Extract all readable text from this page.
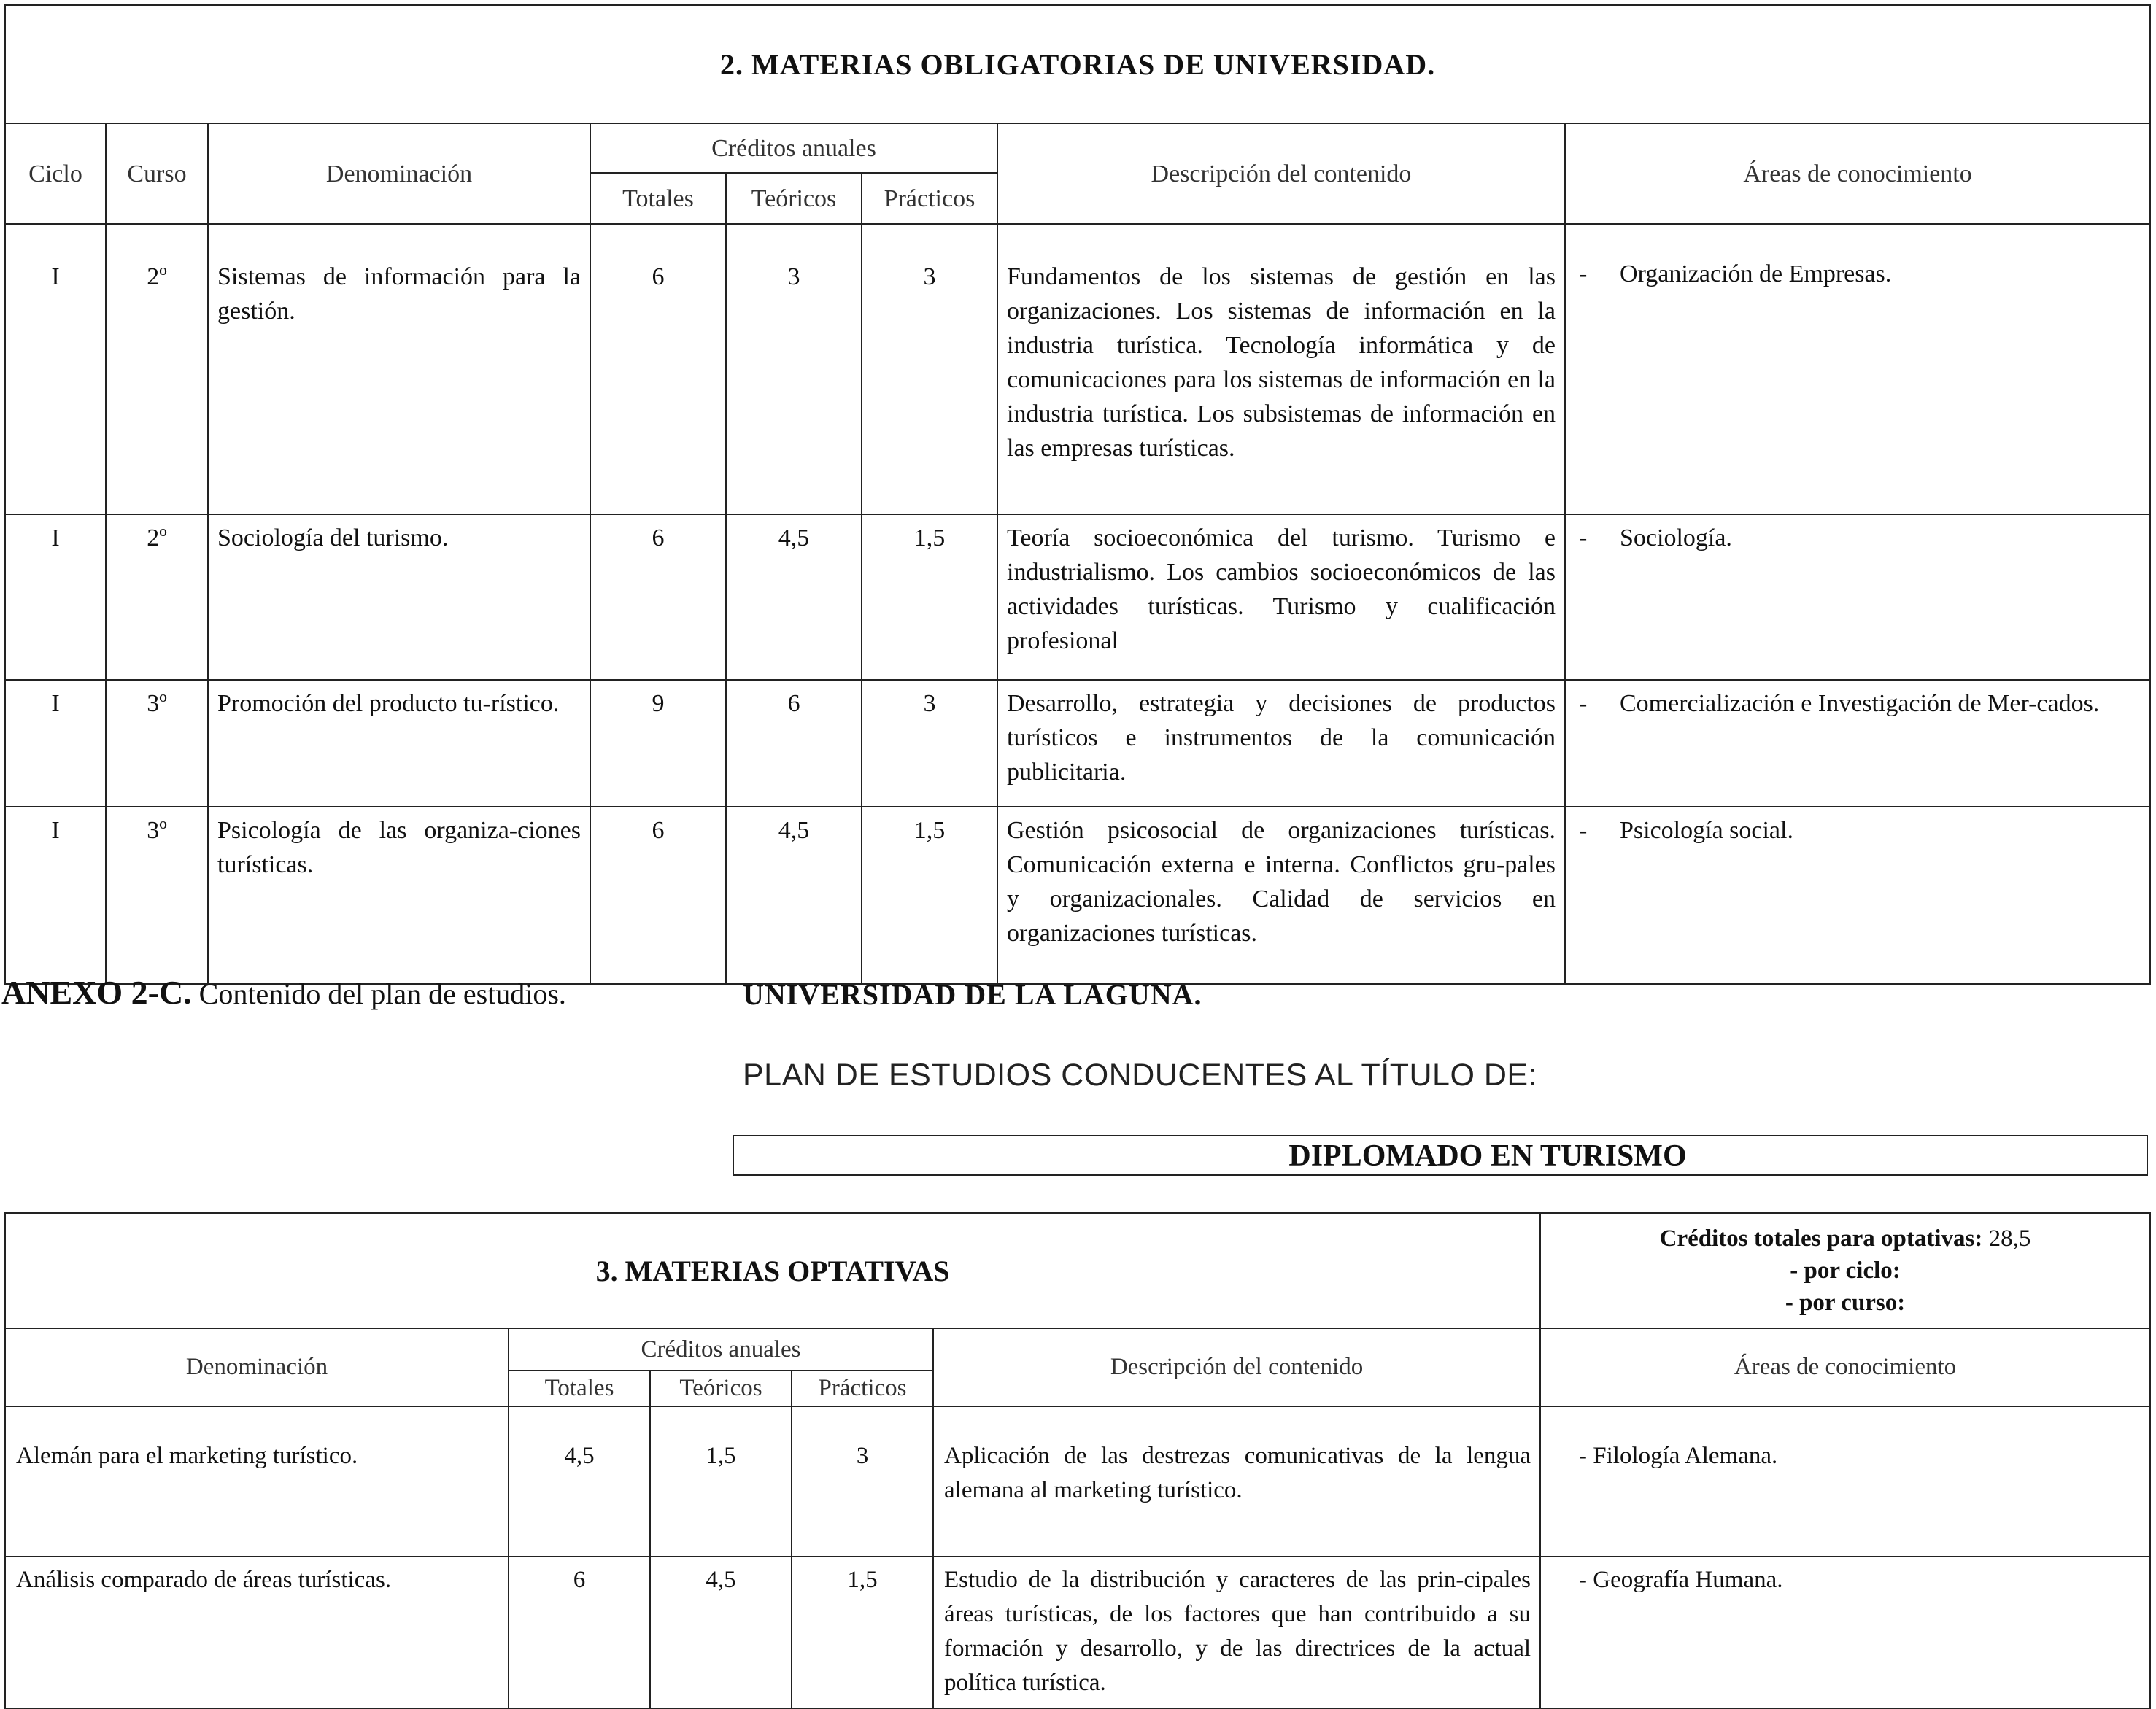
2. MATERIAS OBLIGATORIAS DE UNIVERSIDAD.							
Ciclo	Curso	Denominación	Créditos anuales			Descripción del contenido	Áreas de conocimiento
			Totales	Teóricos	Prácticos		
I	2º	Sistemas de información para la gestión.	6	3	3	Fundamentos de los sistemas de gestión en las organizaciones. Los sistemas de información en la industria turística. Tecnología informática y de comunicaciones para los sistemas de información en la industria turística. Los subsistemas de información en las empresas turísticas.	- Organización de Empresas.

I	2º	Sociología del turismo.	6	4,5	1,5	Teoría socioeconómica del turismo. Turismo e industrialismo. Los cambios socioeconómicos de las actividades turísticas. Turismo y cualificación profesional	- Sociología.

I	3º	Promoción del producto tu-rístico.	9	6	3	Desarrollo, estrategia y decisiones de productos turísticos e instrumentos de la comunicación publicitaria.	- Comercialización e Investigación de Mer-cados.

I	3º	Psicología de las organiza-ciones turísticas.	6	4,5	1,5	Gestión psicosocial de organizaciones turísticas. Comunicación externa e interna. Conflictos gru-pales y organizacionales. Calidad de servicios en organizaciones turísticas.	- Psicología social.
ANEXO 2-C. Contenido del plan de estudios.	UNIVERSIDAD DE LA LAGUNA.
PLAN DE ESTUDIOS CONDUCENTES AL TÍTULO DE:
DIPLOMADO EN TURISMO
3. MATERIAS OPTATIVAS					Créditos totales para optativas: 28,5
- por ciclo:
- por curso:

Denominación	Créditos anuales			Descripción del contenido	Áreas de conocimiento
	Totales	Teóricos	Prácticos		
Alemán para el marketing turístico.	4,5	1,5	3	Aplicación de las destrezas comunicativas de la lengua alemana al marketing turístico.	- Filología Alemana.
Análisis comparado de áreas turísticas.	6	4,5	1,5	Estudio de la distribución y caracteres de las prin-cipales áreas turísticas, de los factores que han contribuido a su formación y desarrollo, y de las directrices de la actual política turística.	- Geografía Humana.
